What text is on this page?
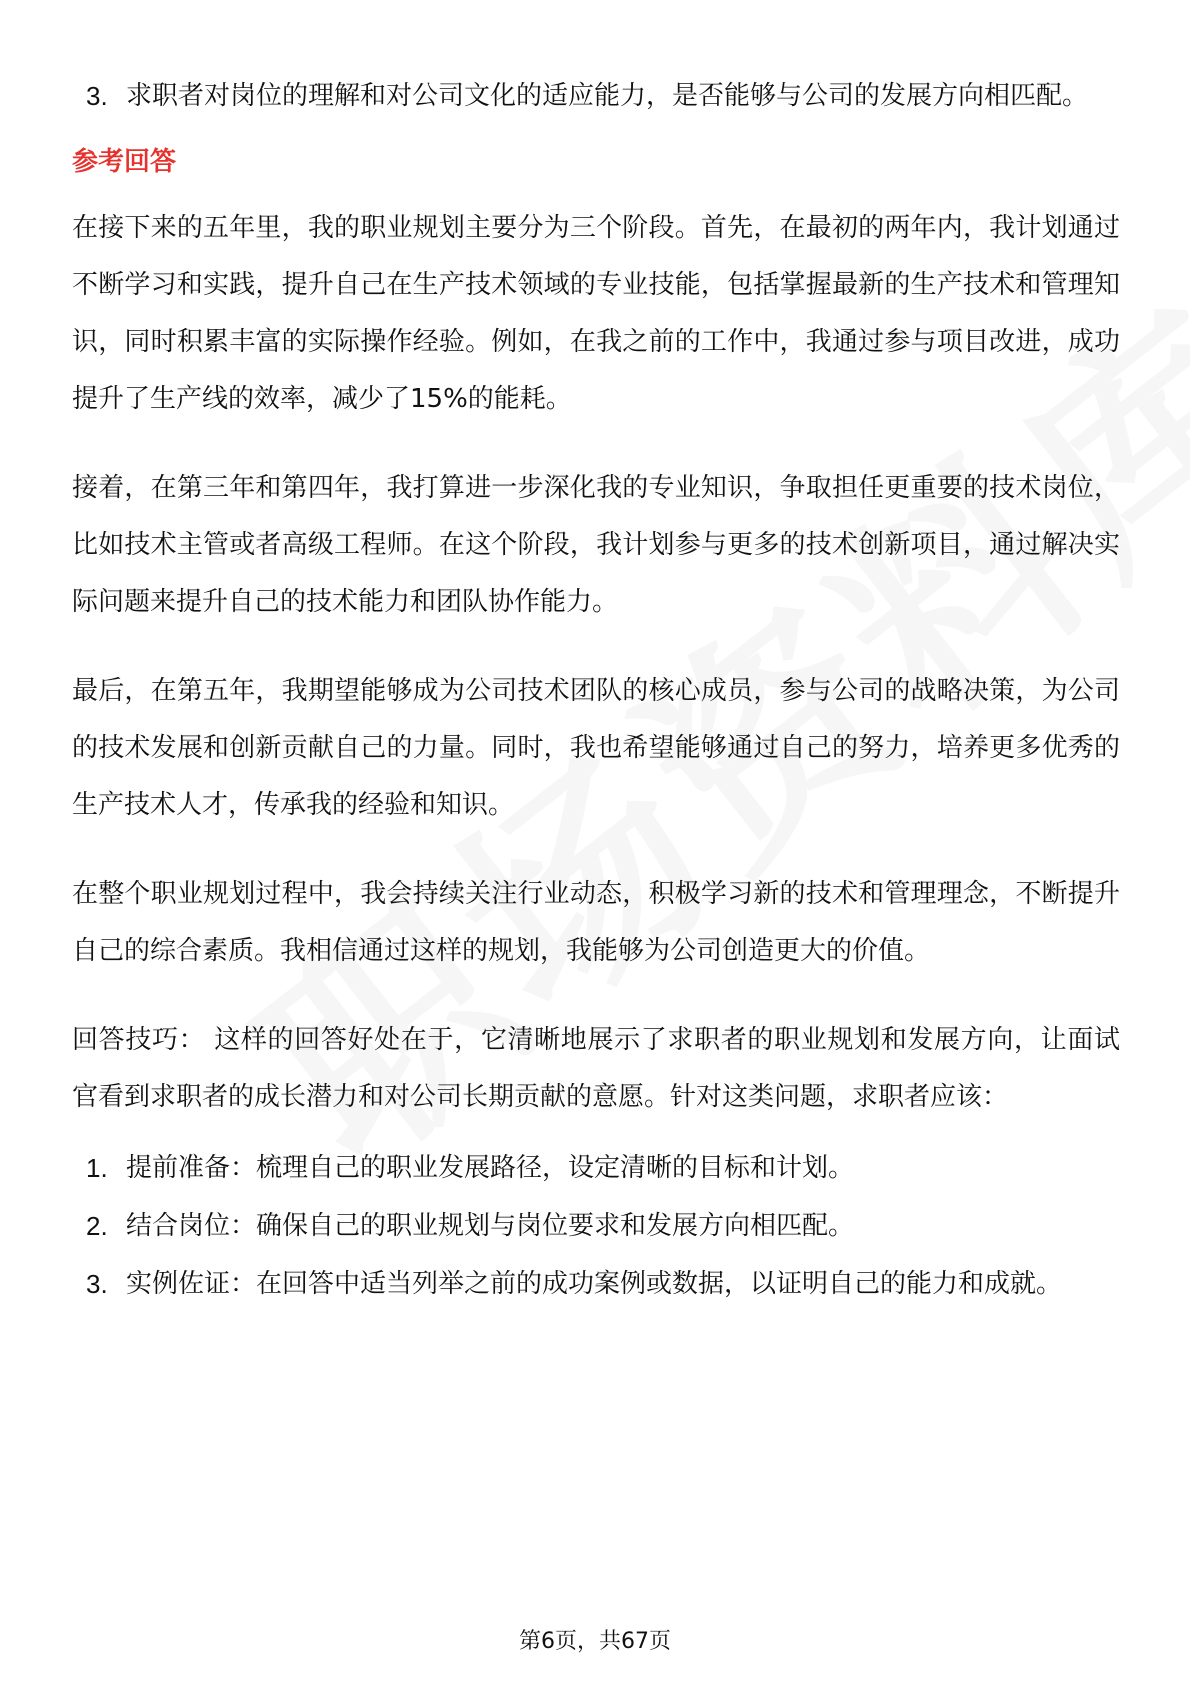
3. 求职者对岗位的理解和对公司文化的适应能力，是否能够与公司的发展方向相匹配。
参考回答
在接下来的五年里，我的职业规划主要分为三个阶段。首先，在最初的两年内，我计划通过不断学习和实践，提升自己在生产技术领域的专业技能，包括掌握最新的生产技术和管理知识，同时积累丰富的实际操作经验。例如，在我之前的工作中，我通过参与项目改进，成功提升了生产线的效率，减少了15%的能耗。
接着，在第三年和第四年，我打算进一步深化我的专业知识，争取担任更重要的技术岗位，比如技术主管或者高级工程师。在这个阶段，我计划参与更多的技术创新项目，通过解决实际问题来提升自己的技术能力和团队协作能力。
最后，在第五年，我期望能够成为公司技术团队的核心成员，参与公司的战略决策，为公司的技术发展和创新贡献自己的力量。同时，我也希望能够通过自己的努力，培养更多优秀的生产技术人才，传承我的经验和知识。
在整个职业规划过程中，我会持续关注行业动态，积极学习新的技术和管理理念，不断提升自己的综合素质。我相信通过这样的规划，我能够为公司创造更大的价值。
回答技巧： 这样的回答好处在于，它清晰地展示了求职者的职业规划和发展方向，让面试官看到求职者的成长潜力和对公司长期贡献的意愿。针对这类问题，求职者应该：
1. 提前准备：梳理自己的职业发展路径，设定清晰的目标和计划。
2. 结合岗位：确保自己的职业规划与岗位要求和发展方向相匹配。
3. 实例佐证：在回答中适当列举之前的成功案例或数据，以证明自己的能力和成就。
第6页，共67页
